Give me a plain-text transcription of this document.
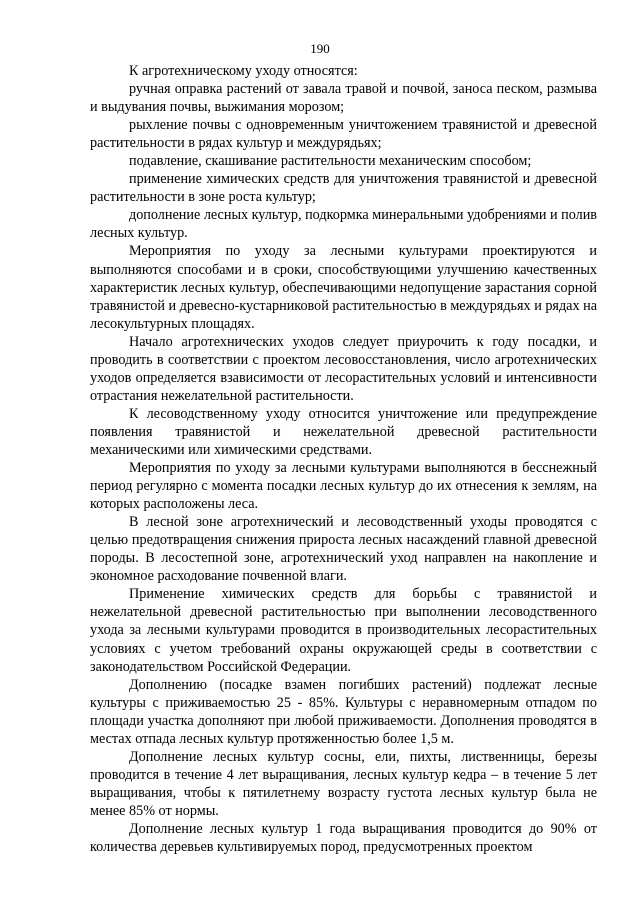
190

К агротехническому уходу относятся:

ручная оправка растений от завала травой и почвой, заноса песком, размыва и выдувания почвы, выжимания морозом;

рыхление почвы с одновременным уничтожением травянистой и древесной растительности в рядах культур и междурядьях;

подавление, скашивание растительности механическим способом;

применение химических средств для уничтожения травянистой и древесной растительности в зоне роста культур;

дополнение лесных культур, подкормка минеральными удобрениями и полив лесных культур.

Мероприятия по уходу за лесными культурами проектируются и выполняются способами и в сроки, способствующими улучшению качественных характеристик лесных культур, обеспечивающими недопущение зарастания сорной травянистой и древесно-кустарниковой растительностью в междурядьях и рядах на лесокультурных площадях.

Начало агротехнических уходов следует приурочить к году посадки, и проводить в соответствии с проектом лесовосстановления, число агротехнических уходов определяется взависимости от лесорастительных условий и интенсивности отрастания нежелательной растительности.

К лесоводственному уходу относится уничтожение или предупреждение появления травянистой и нежелательной древесной растительности механическими или химическими средствами.

Мероприятия по уходу за лесными культурами выполняются в бесснежный период регулярно с момента посадки лесных культур до их отнесения к землям, на которых расположены леса.

В лесной зоне агротехнический и лесоводственный уходы проводятся с целью предотвращения снижения прироста лесных насаждений главной древесной породы. В лесостепной зоне, агротехнический уход направлен на накопление и экономное расходование почвенной влаги.

Применение химических средств для борьбы с травянистой и нежелательной древесной растительностью при выполнении лесоводственного ухода за лесными культурами проводится в производительных лесорастительных условиях с учетом требований охраны окружающей среды в соответствии с законодательством Российской Федерации.

Дополнению (посадке взамен погибших растений) подлежат лесные культуры с приживаемостью 25 - 85%. Культуры с неравномерным отпадом по площади участка дополняют при любой приживаемости. Дополнения проводятся в местах отпада лесных культур протяженностью более 1,5 м.

Дополнение лесных культур сосны, ели, пихты, лиственницы, березы проводится в течение 4 лет выращивания, лесных культур кедра – в течение 5 лет выращивания, чтобы к пятилетнему возрасту густота лесных культур была не менее 85% от нормы.

Дополнение лесных культур 1 года выращивания проводится до 90% от количества деревьев культивируемых пород, предусмотренных проектом
